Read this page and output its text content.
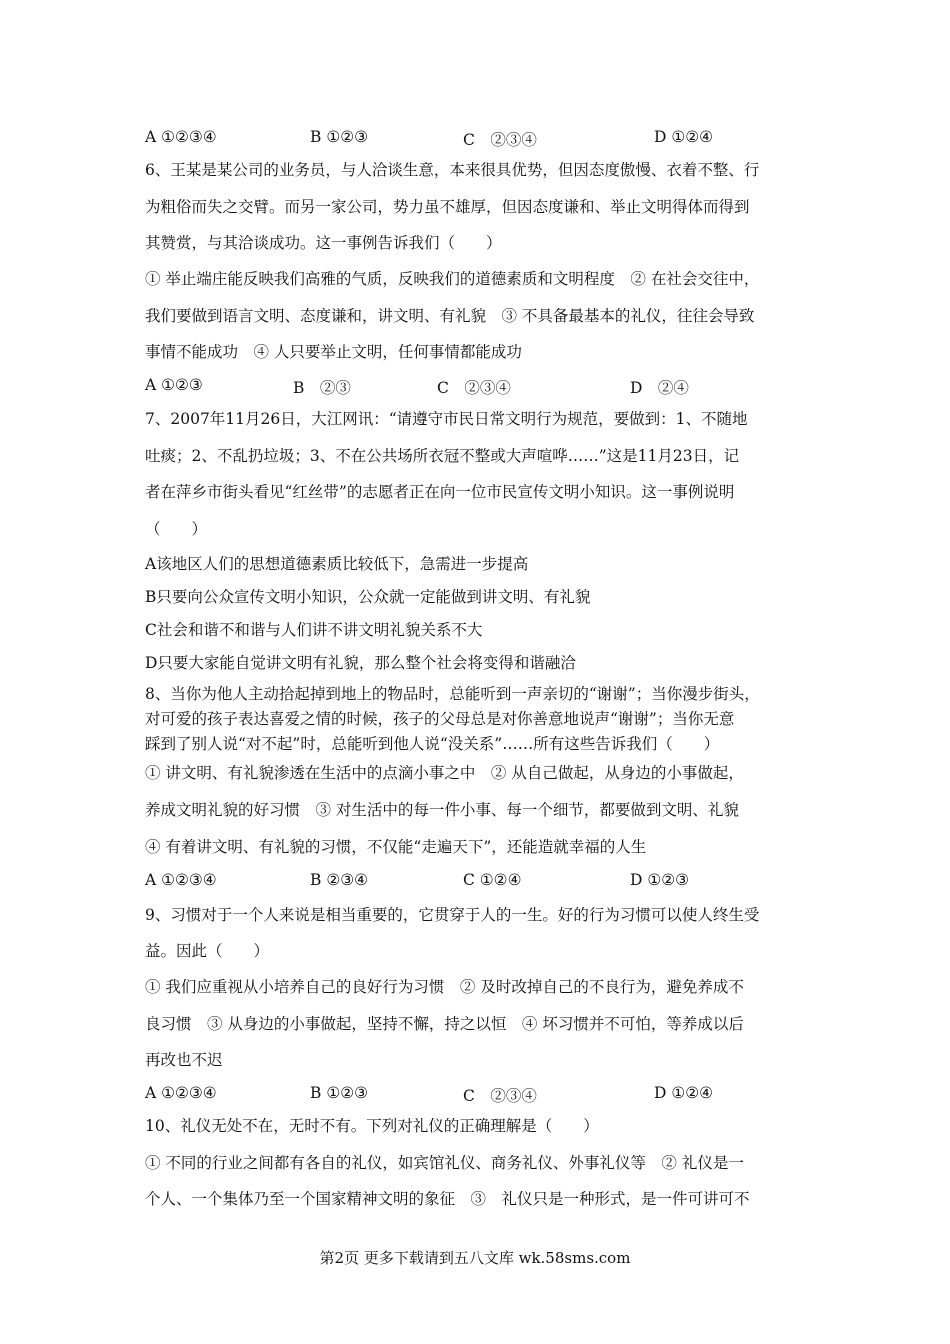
A ①②③④	B ①②③	C　②③④	D ①②④
6、王某是某公司的业务员，与人洽谈生意，本来很具优势，但因态度傲慢、衣着不整、行
为粗俗而失之交臂。而另一家公司，势力虽不雄厚，但因态度谦和、举止文明得体而得到
其赞赏，与其洽谈成功。这一事例告诉我们（　　）
① 举止端庄能反映我们高雅的气质，反映我们的道德素质和文明程度　② 在社会交往中，
我们要做到语言文明、态度谦和，讲文明、有礼貌　③ 不具备最基本的礼仪，往往会导致
事情不能成功　④ 人只要举止文明，任何事情都能成功
A ①②③	B　②③	C　②③④	D　②④
7、2007年11月26日，大江网讯：“请遵守市民日常文明行为规范，要做到：1、不随地
吐痰；2、不乱扔垃圾；3、不在公共场所衣冠不整或大声喧哗……”这是11月23日，记
者在萍乡市街头看见“红丝带”的志愿者正在向一位市民宣传文明小知识。这一事例说明
（　　）
A该地区人们的思想道德素质比较低下，急需进一步提高
B只要向公众宣传文明小知识，公众就一定能做到讲文明、有礼貌
C社会和谐不和谐与人们讲不讲文明礼貌关系不大
D只要大家能自觉讲文明有礼貌，那么整个社会将变得和谐融洽
8、当你为他人主动拾起掉到地上的物品时，总能听到一声亲切的“谢谢”；当你漫步街头，
对可爱的孩子表达喜爱之情的时候，孩子的父母总是对你善意地说声“谢谢”；当你无意
踩到了别人说“对不起”时，总能听到他人说“没关系”……所有这些告诉我们（　　）
① 讲文明、有礼貌渗透在生活中的点滴小事之中　② 从自己做起，从身边的小事做起，
养成文明礼貌的好习惯　③ 对生活中的每一件小事、每一个细节，都要做到文明、礼貌
④ 有着讲文明、有礼貌的习惯，不仅能“走遍天下”，还能造就幸福的人生
A ①②③④	B ②③④	C ①②④	D ①②③
9、习惯对于一个人来说是相当重要的，它贯穿于人的一生。好的行为习惯可以使人终生受
益。因此（　　）
① 我们应重视从小培养自己的良好行为习惯　② 及时改掉自己的不良行为，避免养成不
良习惯　③ 从身边的小事做起，坚持不懈，持之以恒　④ 坏习惯并不可怕，等养成以后
再改也不迟
A ①②③④	B ①②③	C　②③④	D ①②④
10、礼仪无处不在，无时不有。下列对礼仪的正确理解是（　　）
① 不同的行业之间都有各自的礼仪，如宾馆礼仪、商务礼仪、外事礼仪等　② 礼仪是一
个人、一个集体乃至一个国家精神文明的象征　③　礼仪只是一种形式，是一件可讲可不
第2页 更多下载请到五八文库 wk.58sms.com
